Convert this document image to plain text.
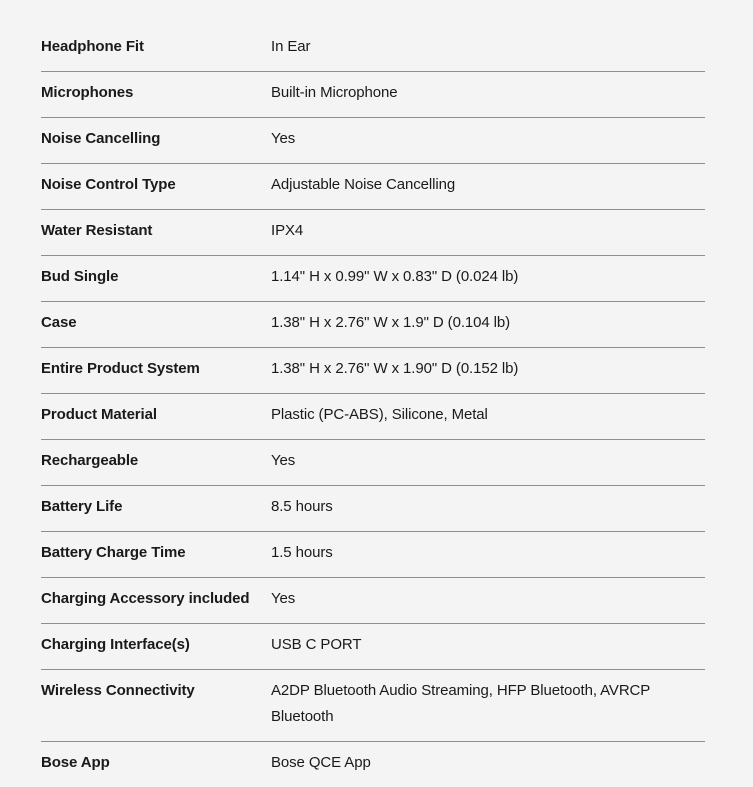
Headphone Fit	In Ear
Microphones	Built-in Microphone
Noise Cancelling	Yes
Noise Control Type	Adjustable Noise Cancelling
Water Resistant	IPX4
Bud Single	1.14" H x 0.99" W x 0.83" D (0.024 lb)
Case	1.38" H x 2.76" W x 1.9" D (0.104 lb)
Entire Product System	1.38" H x 2.76" W x 1.90" D (0.152 lb)
Product Material	Plastic (PC-ABS), Silicone, Metal
Rechargeable	Yes
Battery Life	8.5 hours
Battery Charge Time	1.5 hours
Charging Accessory included	Yes
Charging Interface(s)	USB C PORT
Wireless Connectivity	A2DP Bluetooth Audio Streaming, HFP Bluetooth, AVRCP Bluetooth
Bose App	Bose QCE App
